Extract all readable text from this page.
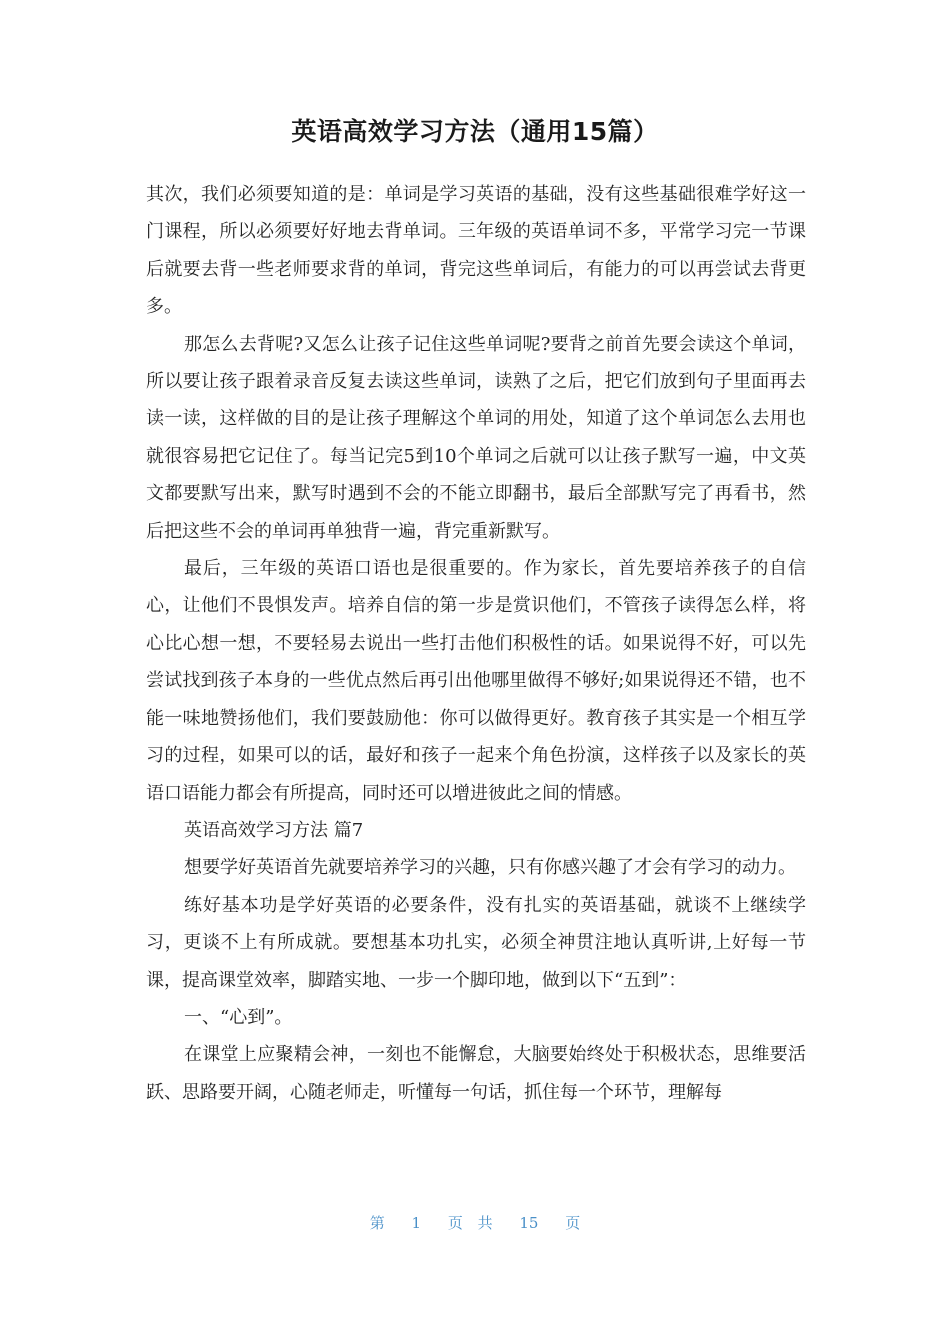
英语高效学习方法（通用15篇）

其次，我们必须要知道的是：单词是学习英语的基础，没有这些基础很难学好这一门课程，所以必须要好好地去背单词。三年级的英语单词不多，平常学习完一节课后就要去背一些老师要求背的单词，背完这些单词后，有能力的可以再尝试去背更多。

那怎么去背呢?又怎么让孩子记住这些单词呢?要背之前首先要会读这个单词，所以要让孩子跟着录音反复去读这些单词，读熟了之后，把它们放到句子里面再去读一读，这样做的目的是让孩子理解这个单词的用处，知道了这个单词怎么去用也就很容易把它记住了。每当记完5到10个单词之后就可以让孩子默写一遍，中文英文都要默写出来，默写时遇到不会的不能立即翻书，最后全部默写完了再看书，然后把这些不会的单词再单独背一遍，背完重新默写。

最后，三年级的英语口语也是很重要的。作为家长，首先要培养孩子的自信心，让他们不畏惧发声。培养自信的第一步是赏识他们，不管孩子读得怎么样，将心比心想一想，不要轻易去说出一些打击他们积极性的话。如果说得不好，可以先尝试找到孩子本身的一些优点然后再引出他哪里做得不够好;如果说得还不错，也不能一味地赞扬他们，我们要鼓励他：你可以做得更好。教育孩子其实是一个相互学习的过程，如果可以的话，最好和孩子一起来个角色扮演，这样孩子以及家长的英语口语能力都会有所提高，同时还可以增进彼此之间的情感。

英语高效学习方法 篇7

想要学好英语首先就要培养学习的兴趣，只有你感兴趣了才会有学习的动力。

练好基本功是学好英语的必要条件，没有扎实的英语基础，就谈不上继续学习，更谈不上有所成就。要想基本功扎实，必须全神贯注地认真听讲,上好每一节课，提高课堂效率，脚踏实地、一步一个脚印地，做到以下“五到”：

一、“心到”。

在课堂上应聚精会神，一刻也不能懈怠，大脑要始终处于积极状态，思维要活跃、思路要开阔，心随老师走，听懂每一句话，抓住每一个环节，理解每

第 1 页 共 15 页
